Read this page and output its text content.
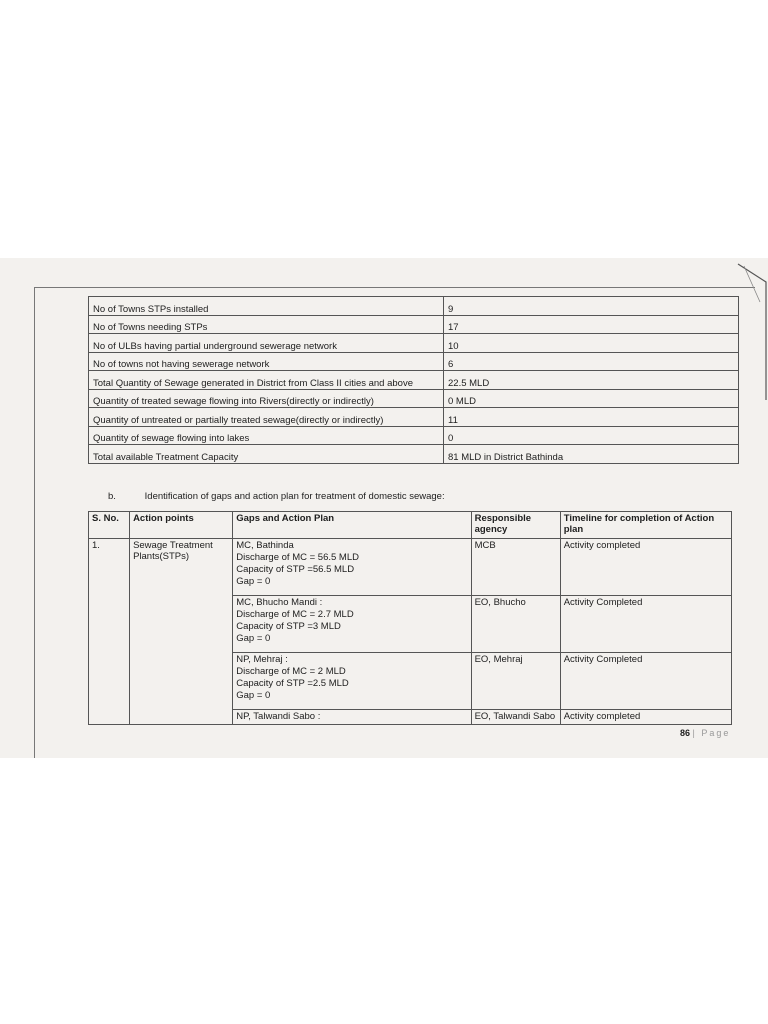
No of Towns STPs installed	9
No of Towns needing STPs	17
No of ULBs having partial underground sewerage network	10
No of towns not having sewerage network	6
Total Quantity of Sewage generated in District from Class II cities and above	22.5 MLD
Quantity of treated sewage flowing into Rivers(directly or indirectly)	0 MLD
Quantity of untreated or partially treated sewage(directly or indirectly)	11
Quantity of sewage flowing into lakes	0
Total available Treatment Capacity	81 MLD in District Bathinda
b.	Identification of gaps and action plan for treatment of domestic sewage:
S. No.	Action points	Gaps and Action Plan	Responsible agency	Timeline for completion of Action plan
1.	Sewage Treatment Plants(STPs)	MC, Bathinda
Discharge of MC = 56.5 MLD
Capacity of STP =56.5 MLD
Gap = 0	MCB	Activity completed

		MC, Bhucho Mandi :
Discharge of MC = 2.7 MLD
Capacity of STP =3 MLD
Gap = 0	EO, Bhucho	Activity Completed

		NP, Mehraj :
Discharge of MC = 2 MLD
Capacity of STP =2.5 MLD
Gap = 0	EO, Mehraj	Activity Completed

		NP, Talwandi Sabo :	EO, Talwandi Sabo	Activity completed
86 | Page
